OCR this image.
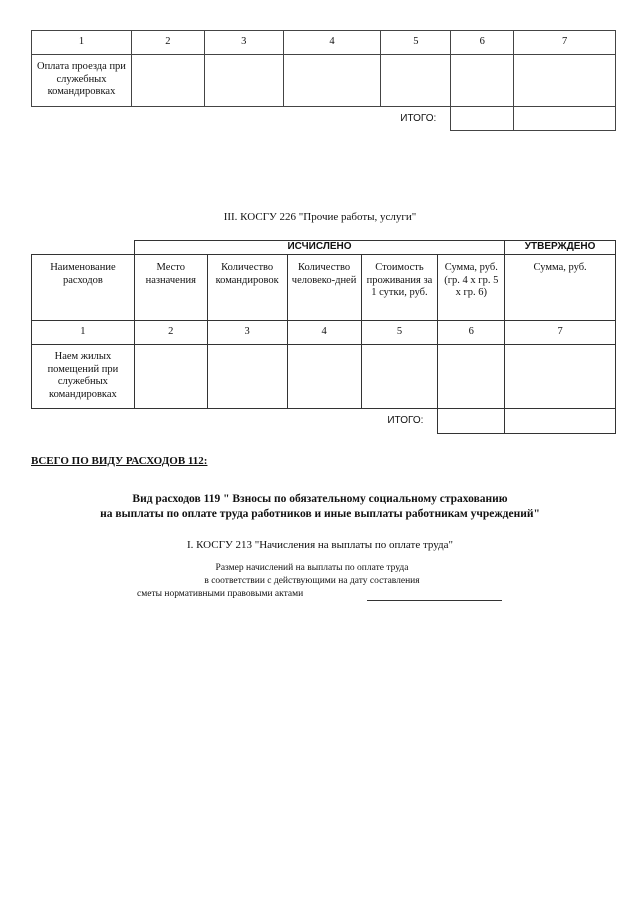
1	2	3	4	5	6	7
Оплата проезда при служебных командировках						
ИТОГО:						
III. КОСГУ 226 "Прочие работы, услуги"
	ИСЧИСЛЕНО					УТВЕРЖДЕНО
Наименование расходов	Место назначения	Количество командировок	Количество человеко-дней	Стоимость проживания за 1 сутки, руб.	Сумма, руб. (гр. 4 х гр. 5 х гр. 6)	Сумма, руб.
1	2	3	4	5	6	7
Наем жилых помещений при служебных командировках						
ИТОГО:						
ВСЕГО ПО ВИДУ РАСХОДОВ 112:
Вид расходов 119 " Взносы по обязательному социальному страхованию
на выплаты по оплате труда работников и иные выплаты работникам учреждений"
I. КОСГУ 213 "Начисления на выплаты по оплате труда"
Размер начислений на выплаты по оплате труда
в соответствии с действующими на дату составления
сметы нормативными правовыми актами
